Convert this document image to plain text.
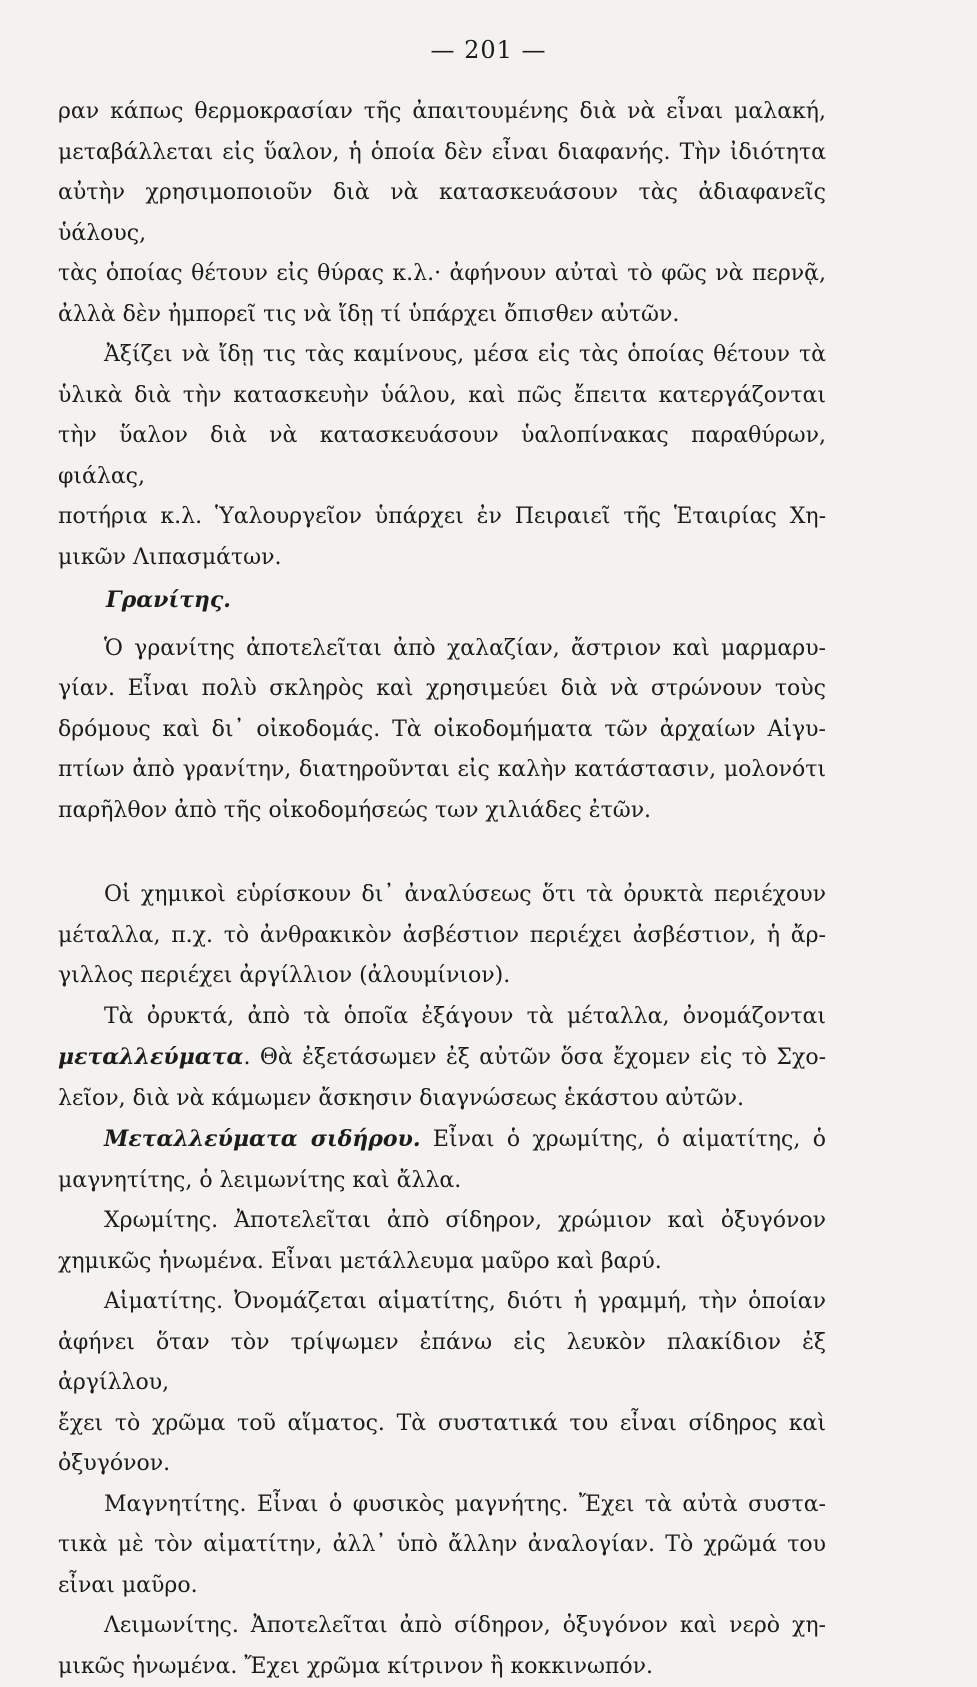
— 201 —

ραν κάπως θερμοκρασίαν τῆς ἀπαιτουμένης διὰ νὰ εἶναι μαλακή,

μεταβάλλεται εἰς ὕαλον, ἡ ὁποία δὲν εἶναι διαφανής. Τὴν ἰδιότητα

αὐτὴν χρησιμοποιοῦν διὰ νὰ κατασκευάσουν τὰς ἀδιαφανεῖς ὑάλους,

τὰς ὁποίας θέτουν εἰς θύρας κ.λ.· ἀφήνουν αὐταὶ τὸ φῶς νὰ περνᾷ,

ἀλλὰ δὲν ἠμπορεῖ τις νὰ ἴδῃ τί ὑπάρχει ὄπισθεν αὐτῶν.

Ἀξίζει νὰ ἴδῃ τις τὰς καμίνους, μέσα εἰς τὰς ὁποίας θέτουν τὰ

ὑλικὰ διὰ τὴν κατασκευὴν ὑάλου, καὶ πῶς ἔπειτα κατεργάζονται

τὴν ὕαλον διὰ νὰ κατασκευάσουν ὑαλοπίνακας παραθύρων, φιάλας,

ποτήρια κ.λ. Ὑαλουργεῖον ὑπάρχει ἐν Πειραιεῖ τῆς Ἑταιρίας Χη-

μικῶν Λιπασμάτων.

Γρανίτης.

Ὁ γρανίτης ἀποτελεῖται ἀπὸ χαλαζίαν, ἄστριον καὶ μαρμαρυ-

γίαν. Εἶναι πολὺ σκληρὸς καὶ χρησιμεύει διὰ νὰ στρώνουν τοὺς

δρόμους καὶ δι᾽ οἰκοδομάς. Τὰ οἰκοδομήματα τῶν ἀρχαίων Αἰγυ-

πτίων ἀπὸ γρανίτην, διατηροῦνται εἰς καλὴν κατάστασιν, μολονότι

παρῆλθον ἀπὸ τῆς οἰκοδομήσεώς των χιλιάδες ἐτῶν.

Οἱ χημικοὶ εὑρίσκουν δι᾽ ἀναλύσεως ὅτι τὰ ὀρυκτὰ περιέχουν

μέταλλα, π.χ. τὸ ἀνθρακικὸν ἀσβέστιον περιέχει ἀσβέστιον, ἡ ἄρ-

γιλλος περιέχει ἀργίλλιον (ἀλουμίνιον).

Τὰ ὀρυκτά, ἀπὸ τὰ ὁποῖα ἐξάγουν τὰ μέταλλα, ὀνομάζονται

μεταλλεύματα. Θὰ ἐξετάσωμεν ἐξ αὐτῶν ὅσα ἔχομεν εἰς τὸ Σχο-

λεῖον, διὰ νὰ κάμωμεν ἄσκησιν διαγνώσεως ἑκάστου αὐτῶν.

Μεταλλεύματα σιδήρου. Εἶναι ὁ χρωμίτης, ὁ αἱματίτης, ὁ

μαγνητίτης, ὁ λειμωνίτης καὶ ἄλλα.

Χρωμίτης. Ἀποτελεῖται ἀπὸ σίδηρον, χρώμιον καὶ ὀξυγόνον

χημικῶς ἡνωμένα. Εἶναι μετάλλευμα μαῦρο καὶ βαρύ.

Αἱματίτης. Ὀνομάζεται αἱματίτης, διότι ἡ γραμμή, τὴν ὁποίαν

ἀφήνει ὅταν τὸν τρίψωμεν ἐπάνω εἰς λευκὸν πλακίδιον ἐξ ἀργίλλου,

ἔχει τὸ χρῶμα τοῦ αἵματος. Τὰ συστατικά του εἶναι σίδηρος καὶ

ὀξυγόνον.

Μαγνητίτης. Εἶναι ὁ φυσικὸς μαγνήτης. Ἔχει τὰ αὐτὰ συστα-

τικὰ μὲ τὸν αἱματίτην, ἀλλ᾽ ὑπὸ ἄλλην ἀναλογίαν. Τὸ χρῶμά του

εἶναι μαῦρο.

Λειμωνίτης. Ἀποτελεῖται ἀπὸ σίδηρον, ὀξυγόνον καὶ νερὸ χη-

μικῶς ἡνωμένα. Ἔχει χρῶμα κίτρινον ἢ κοκκινωπόν.
